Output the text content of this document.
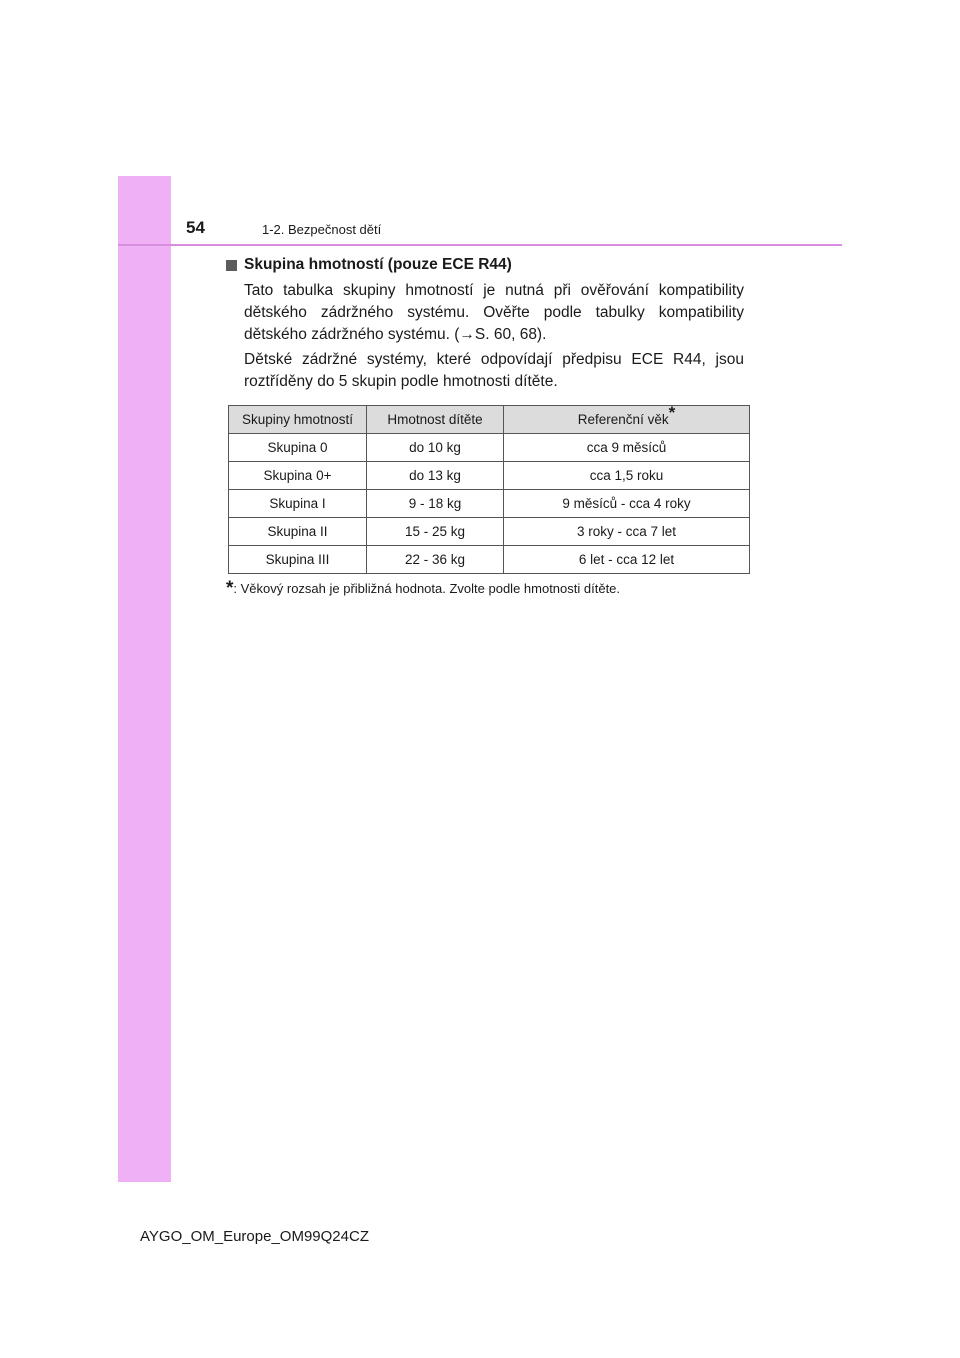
54	1-2. Bezpečnost dětí
Skupina hmotností (pouze ECE R44)
Tato tabulka skupiny hmotností je nutná při ověřování kompatibility dětského zádržného systému. Ověřte podle tabulky kompatibility dětského zádržného systému. (→S. 60, 68).
Dětské zádržné systémy, které odpovídají předpisu ECE R44, jsou roztříděny do 5 skupin podle hmotnosti dítěte.
Skupiny hmotností	Hmotnost dítěte	Referenční věk*
Skupina 0	do 10 kg	cca 9 měsíců
Skupina 0+	do 13 kg	cca 1,5 roku
Skupina I	9 - 18 kg	9 měsíců - cca 4 roky
Skupina II	15 - 25 kg	3 roky - cca 7 let
Skupina III	22 - 36 kg	6 let - cca 12 let
*: Věkový rozsah je přibližná hodnota. Zvolte podle hmotnosti dítěte.
AYGO_OM_Europe_OM99Q24CZ
